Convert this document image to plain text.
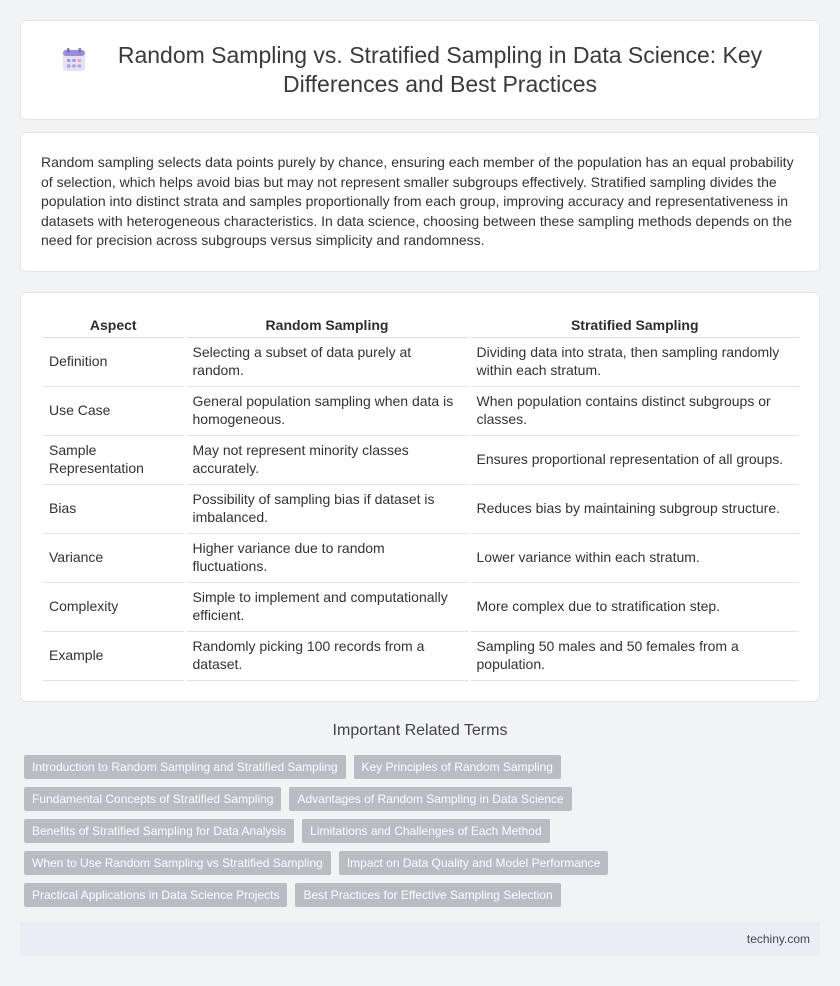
Random Sampling vs. Stratified Sampling in Data Science: Key Differences and Best Practices

Random sampling selects data points purely by chance, ensuring each member of the population has an equal probability of selection, which helps avoid bias but may not represent smaller subgroups effectively. Stratified sampling divides the population into distinct strata and samples proportionally from each group, improving accuracy and representativeness in datasets with heterogeneous characteristics. In data science, choosing between these sampling methods depends on the need for precision across subgroups versus simplicity and randomness.

Aspect	Random Sampling	Stratified Sampling
Definition	Selecting a subset of data purely at random.	Dividing data into strata, then sampling randomly within each stratum.
Use Case	General population sampling when data is homogeneous.	When population contains distinct subgroups or classes.
Sample Representation	May not represent minority classes accurately.	Ensures proportional representation of all groups.
Bias	Possibility of sampling bias if dataset is imbalanced.	Reduces bias by maintaining subgroup structure.
Variance	Higher variance due to random fluctuations.	Lower variance within each stratum.
Complexity	Simple to implement and computationally efficient.	More complex due to stratification step.
Example	Randomly picking 100 records from a dataset.	Sampling 50 males and 50 females from a population.
Important Related Terms
Introduction to Random Sampling and Stratified Sampling	Key Principles of Random Sampling
Fundamental Concepts of Stratified Sampling	Advantages of Random Sampling in Data Science
Benefits of Stratified Sampling for Data Analysis	Limitations and Challenges of Each Method
When to Use Random Sampling vs Stratified Sampling	Impact on Data Quality and Model Performance
Practical Applications in Data Science Projects	Best Practices for Effective Sampling Selection
techiny.com
